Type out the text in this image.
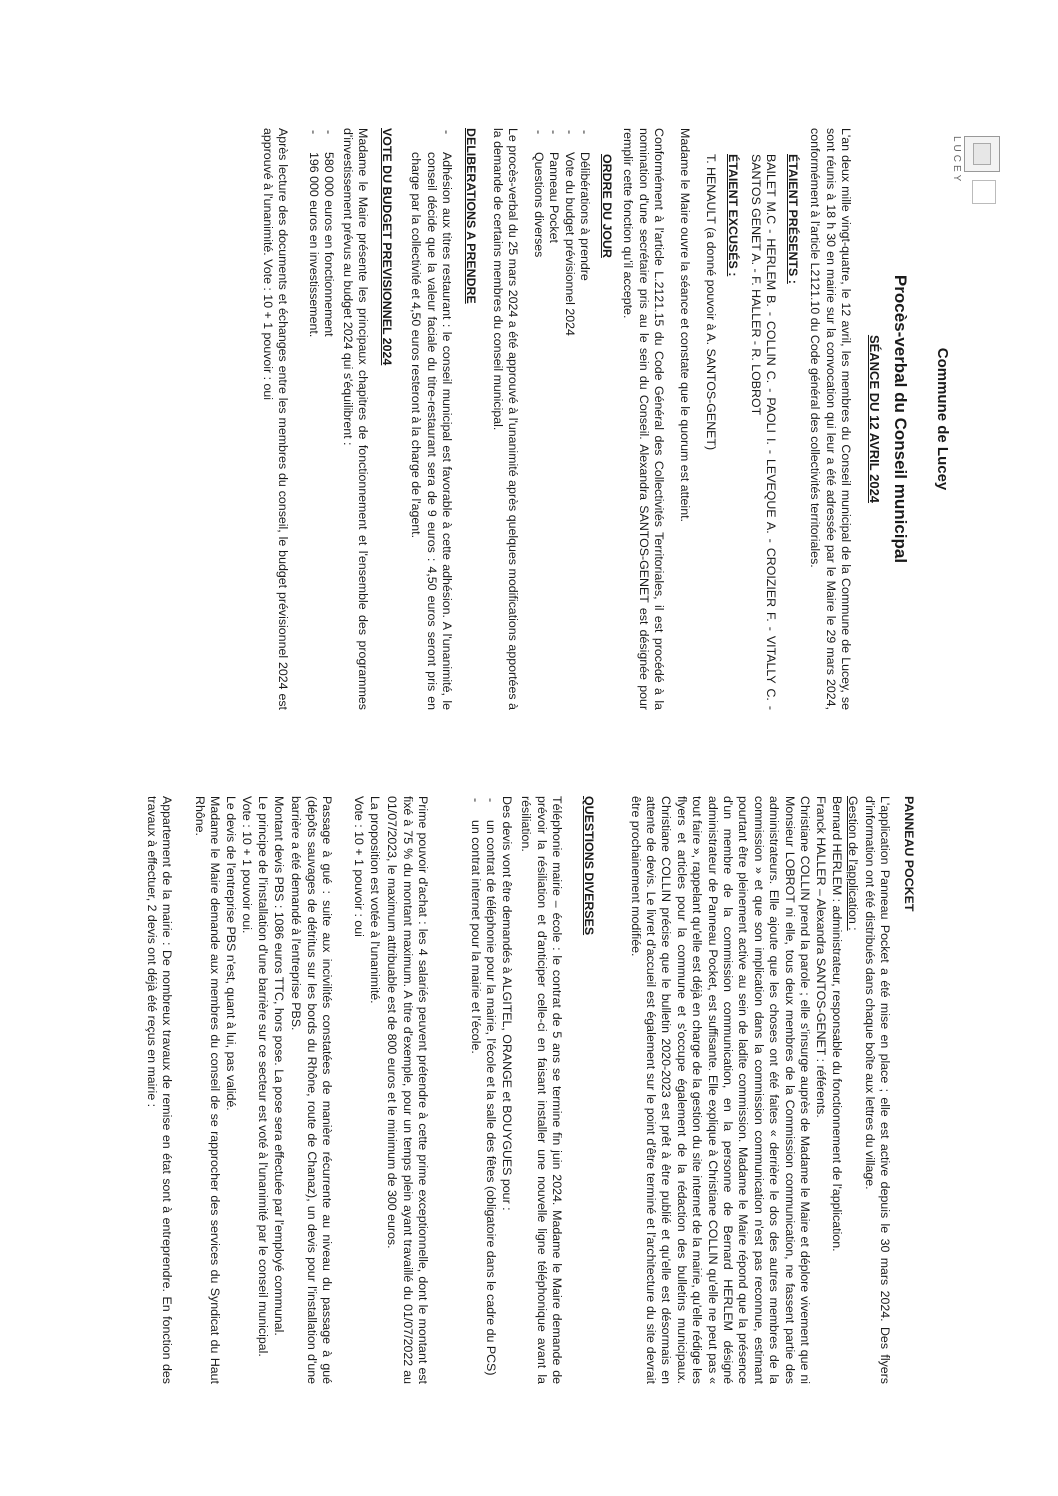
LUCEY
Commune de Lucey
Procès-verbal du Conseil municipal
SÉANCE DU 12 AVRIL 2024

L'an deux mille vingt-quatre, le 12 avril, les membres du Conseil municipal de la Commune de Lucey, se sont réunis à 18 h 30 en mairie sur la convocation qui leur a été adressée par le Maire le 29 mars 2024, conformément à l'article L2121.10 du Code général des collectivités territoriales.

ÉTAIENT PRÉSENTS :

BAILET M.C - HERLEM B. - COLLIN C. - PAOLI I. - LEVEQUE A. - CROIZIER F. - VITALLY C. - SANTOS GENET A. - F. HALLER - R. LOBROT

ÉTAIENT EXCUSÉS :

T. HENAULT (a donné pouvoir à A. SANTOS-GENET)

Madame le Maire ouvre la séance et constate que le quorum est atteint.

Conformément à l'article L.2121.15 du Code Général des Collectivités Territoriales, il est procédé à la nomination d'une secrétaire pris au le sein du Conseil. Alexandra SANTOS-GENET est désignée pour remplir cette fonction qu'il accepte.

ORDRE DU JOUR

- Délibérations à prendre
- Vote du budget prévisionnel 2024
- Panneau Pocket
- Questions diverses

Le procès-verbal du 25 mars 2024 a été approuvé à l'unanimité après quelques modifications apportées à la demande de certains membres du conseil municipal.

DELIBERATIONS A PRENDRE

- Adhésion aux titres restaurant : le conseil municipal est favorable à cette adhésion. A l'unanimité, le conseil décide que la valeur faciale du titre-restaurant sera de 9 euros : 4,50 euros seront pris en charge par la collectivité et 4,50 euros resteront à la charge de l'agent.

VOTE DU BUDGET PREVISIONNEL 2024

Madame le Maire présente les principaux chapitres de fonctionnement et l'ensemble des programmes d'investissement prévus au budget 2024 qui s'équilibrent :

- 580 000 euros en fonctionnement
- 196 000 euros en investissement.

Après lecture des documents et échanges entre les membres du conseil, le budget prévisionnel 2024 est approuvé à l'unanimité. Vote : 10 + 1 pouvoir : oui

PANNEAU POCKET

L'application Panneau Pocket a été mise en place ; elle est active depuis le 30 mars 2024. Des flyers d'information ont été distribués dans chaque boîte aux lettres du village.

Gestion de l'application :

Bernard HERLEM : administrateur, responsable du fonctionnement de l'application.

Franck HALLER – Alexandra SANTOS-GENET : référents.

Christiane COLLIN prend la parole ; elle s'insurge auprès de Madame le Maire et déplore vivement que ni Monsieur LOBROT ni elle, tous deux membres de la Commission communication, ne fassent partie des administrateurs. Elle ajoute que les choses ont été faites « derrière le dos des autres membres de la commission » et que son implication dans la commission communication n'est pas reconnue, estimant pourtant être pleinement active au sein de ladite commission. Madame le Maire répond que la présence d'un membre de la commission communication, en la personne de Bernard HERLEM désigné administrateur de Panneau Pocket, est suffisante. Elle explique à Christiane COLLIN qu'elle ne peut pas « tout faire », rappelant qu'elle est déjà en charge de la gestion du site internet de la mairie, qu'elle rédige les flyers et articles pour la commune et s'occupe également de la rédaction des bulletins municipaux. Christiane COLLIN précise que le bulletin 2020-2023 est prêt à être publié et qu'elle est désormais en attente de devis. Le livret d'accueil est également sur le point d'être terminé et l'architecture du site devrait être prochainement modifiée.

QUESTIONS DIVERSES

Téléphonie mairie – école : le contrat de 5 ans se termine fin juin 2024. Madame le Maire demande de prévoir la résiliation et d'anticiper celle-ci en faisant installer une nouvelle ligne téléphonique avant la résiliation.

Des devis vont être demandés à ALGITEL, ORANGE et BOUYGUES pour :

- un contrat de téléphonie pour la mairie, l'école et la salle des fêtes (obligatoire dans le cadre du PCS)
- un contrat internet pour la mairie et l'école.

Prime pouvoir d'achat : les 4 salariés peuvent prétendre à cette prime exceptionnelle, dont le montant est fixé à 75 % du montant maximum. A titre d'exemple, pour un temps plein ayant travaillé du 01/07/2022 au 01/07/2023, le maximum attribuable est de 800 euros et le minimum de 300 euros.

La proposition est votée à l'unanimité.

Vote : 10 + 1 pouvoir : oui

Passage à gué : suite aux incivilités constatées de manière récurrente au niveau du passage à gué (dépôts sauvages de détritus sur les bords du Rhône, route de Chanaz), un devis pour l'installation d'une barrière a été demandé à l'entreprise PBS.

Montant devis PBS : 1086 euros TTC, hors pose. La pose sera effectuée par l'employé communal.

Le principe de l'installation d'une barrière sur ce secteur est voté à l'unanimité par le conseil municipal.

Vote : 10 + 1 pouvoir oui.

Le devis de l'entreprise PBS n'est, quant à lui, pas validé.

Madame le Maire demande aux membres du conseil de se rapprocher des services du Syndicat du Haut Rhône.

Appartement de la mairie : De nombreux travaux de remise en état sont à entreprendre. En fonction des travaux à effectuer, 2 devis ont déjà été reçus en mairie :
